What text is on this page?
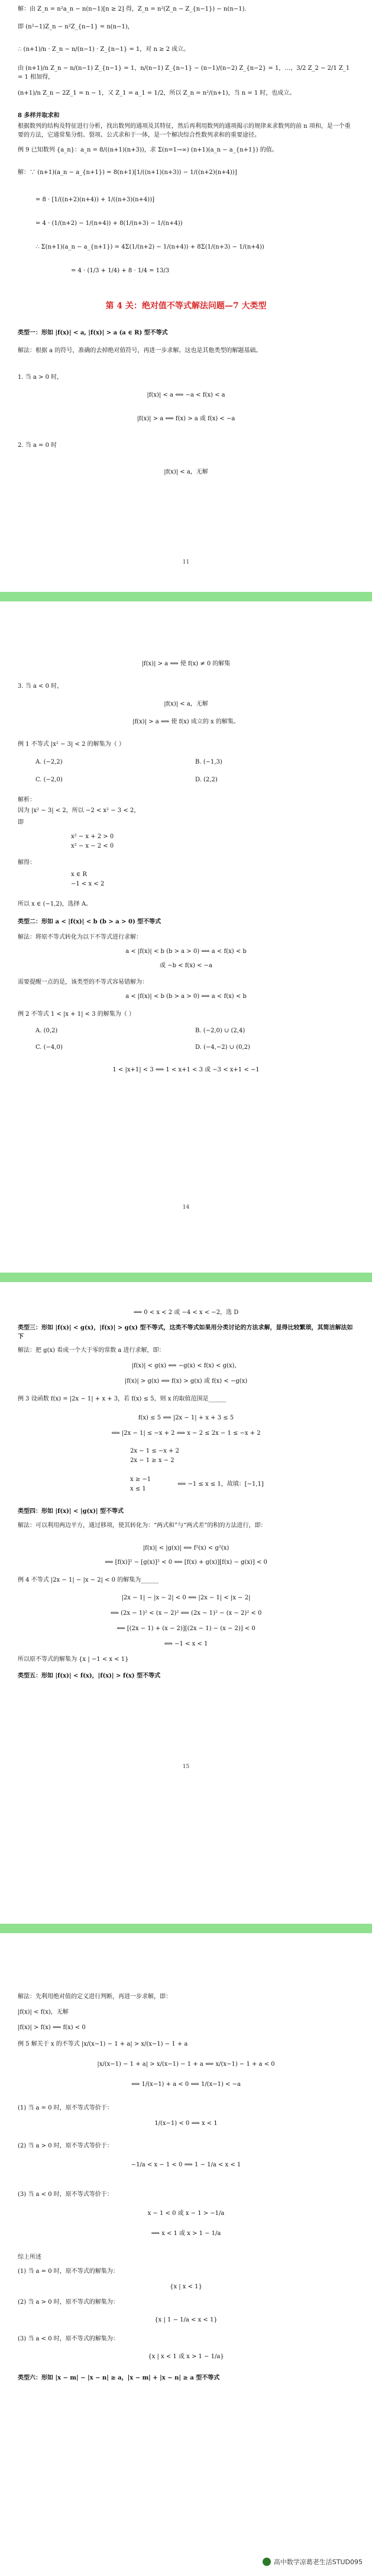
解：由 Z_n = n²a_n − n(n−1)[n ≥ 2] 得，Z_n = n²(Z_n − Z_{n−1}) − n(n−1).
即 (n²−1)Z_n − n²Z_{n−1} = n(n−1)，
∴ (n+1)/n · Z_n − n/(n−1) · Z_{n−1} = 1，对 n ≥ 2 成立。
由 (n+1)/n Z_n − n/(n−1) Z_{n−1} = 1，n/(n−1) Z_{n−1} − (n−1)/(n−2) Z_{n−2} = 1，…，3/2 Z_2 − 2/1 Z_1 = 1 相加得，
(n+1)/n Z_n − 2Z_1 = n − 1，又 Z_1 = a_1 = 1/2，所以 Z_n = n²/(n+1)，当 n = 1 时，也成立。
8 多样并取求和
根据数列的结构及特征进行分析，找出数列的通项及其特征，然后再利用数列的通项揭示的规律来求数列的前 n 项和，是一个重要的方法，它通常集分组、裂项、公式求和于一体，是一个解决综合性数列求和的重要途径。
例 9 已知数列 {a_n}：a_n = 8/((n+1)(n+3))，求 Σ(n=1→∞) (n+1)(a_n − a_{n+1}) 的值。
解：∵ (n+1)(a_n − a_{n+1}) = 8(n+1)[1/((n+1)(n+3)) − 1/((n+2)(n+4))]
= 8 · [1/((n+2)(n+4)) + 1/((n+3)(n+4))]
= 4 · (1/(n+2) − 1/(n+4)) + 8(1/(n+3) − 1/(n+4))
∴ Σ(n+1)(a_n − a_{n+1}) = 4Σ(1/(n+2) − 1/(n+4)) + 8Σ(1/(n+3) − 1/(n+4))
= 4 · (1/3 + 1/4) + 8 · 1/4 = 13/3
第 4 关：绝对值不等式解法问题—7 大类型
类型一：形如 |f(x)| < a, |f(x)| > a (a ∈ R) 型不等式
解法：根据 a 的符号，准确的去掉绝对值符号，再进一步求解。这也是其他类型的解题基础。
1. 当 a > 0 时，
|f(x)| < a ⟺ −a < f(x) < a
|f(x)| > a ⟺ f(x) > a 或 f(x) < −a
2. 当 a = 0 时
|f(x)| < a，无解
11
|f(x)| > a ⟺ 使 f(x) ≠ 0 的解集
3. 当 a < 0 时，
|f(x)| < a，无解
|f(x)| > a ⟺ 使 f(x) 成立的 x 的解集。
例 1 不等式 |x² − 3| < 2 的解集为（ ）
A. (−2,2)	B. (−1,3)
C. (−2,0)	D. (2,2)
解析：
因为 |x² − 3| < 2，所以 −2 < x² − 3 < 2，
即
x² − x + 2 > 0
x² − x − 2 < 0
解得：
x ∈ R
−1 < x < 2
所以 x ∈ (−1,2)，选择 A。
类型二：形如 a < |f(x)| < b (b > a > 0) 型不等式
解法：将原不等式转化为以下不等式进行求解：
a < |f(x)| < b (b > a > 0) ⟺ a < f(x) < b
或 −b < f(x) < −a
需要提醒一点的是，该类型的不等式容易错解为：
a < |f(x)| < b (b > a > 0) ⟺ a < f(x) < b
例 2 不等式 1 < |x + 1| < 3 的解集为（ ）
A. (0,2)	B. (−2,0) ∪ (2,4)
C. (−4,0)	D. (−4,−2) ∪ (0,2)
1 < |x+1| < 3 ⟺ 1 < x+1 < 3 或 −3 < x+1 < −1
14
⟺ 0 < x < 2 或 −4 < x < −2，选 D
类型三：形如 |f(x)| < g(x)，|f(x)| > g(x) 型不等式，这类不等式如果用分类讨论的方法求解，显得比较繁琐，其简洁解法如下
解法：把 g(x) 看成一个大于零的常数 a 进行求解，即：
|f(x)| < g(x) ⟺ −g(x) < f(x) < g(x)，
|f(x)| > g(x) ⟺ f(x) > g(x) 或 f(x) < −g(x)
例 3 设函数 f(x) = |2x − 1| + x + 3，若 f(x) ≤ 5，则 x 的取值范围是______
f(x) ≤ 5 ⟺ |2x − 1| + x + 3 ≤ 5
⟺ |2x − 1| ≤ −x + 2 ⟺ x − 2 ≤ 2x − 1 ≤ −x + 2
2x − 1 ≤ −x + 2
2x − 1 ≥ x − 2
x ≥ −1
x ≤ 1
⟺ −1 ≤ x ≤ 1，故填：[−1,1]
类型四：形如 |f(x)| < |g(x)| 型不等式
解法：可以利用两边平方，通过移项，使其转化为：“两式和”与“两式差”的积的方法进行，即：
|f(x)| < |g(x)| ⟺ f²(x) < g²(x)
⟺ [f(x)]² − [g(x)]² < 0 ⟺ [f(x) + g(x)][f(x) − g(x)] < 0
例 4 不等式 |2x − 1| − |x − 2| < 0 的解集为______
|2x − 1| − |x − 2| < 0 ⟺ |2x − 1| < |x − 2|
⟺ (2x − 1)² < (x − 2)² ⟺ (2x − 1)² − (x − 2)² < 0
⟺ [(2x − 1) + (x − 2)][(2x − 1) − (x − 2)] < 0
⟺ −1 < x < 1
所以原不等式的解集为 {x | −1 < x < 1}
类型五：形如 |f(x)| < f(x)，|f(x)| > f(x) 型不等式
15
解法：先利用绝对值的定义进行判断，再进一步求解，即：
|f(x)| < f(x)，无解
|f(x)| > f(x) ⟺ f(x) < 0
例 5 解关于 x 的不等式 |x/(x−1) − 1 + a| > x/(x−1) − 1 + a
|x/(x−1) − 1 + a| > x/(x−1) − 1 + a ⟺ x/(x−1) − 1 + a < 0
⟺ 1/(x−1) + a < 0 ⟺ 1/(x−1) < −a
(1) 当 a = 0 时，原不等式等价于：
1/(x−1) < 0 ⟹ x < 1
(2) 当 a > 0 时，原不等式等价于：
−1/a < x − 1 < 0 ⟹ 1 − 1/a < x < 1
(3) 当 a < 0 时，原不等式等价于：
x − 1 < 0 或 x − 1 > −1/a
⟹ x < 1 或 x > 1 − 1/a
综上所述
(1) 当 a = 0 时，原不等式的解集为：
{x | x < 1}
(2) 当 a > 0 时，原不等式的解集为：
{x | 1 − 1/a < x < 1}
(3) 当 a < 0 时，原不等式的解集为：
{x | x < 1 或 x > 1 − 1/a}
类型六：形如 |x − m| − |x − n| ≥ a，|x − m| + |x − n| ≥ a 型不等式
高中数学凉葛老生活STUD095
